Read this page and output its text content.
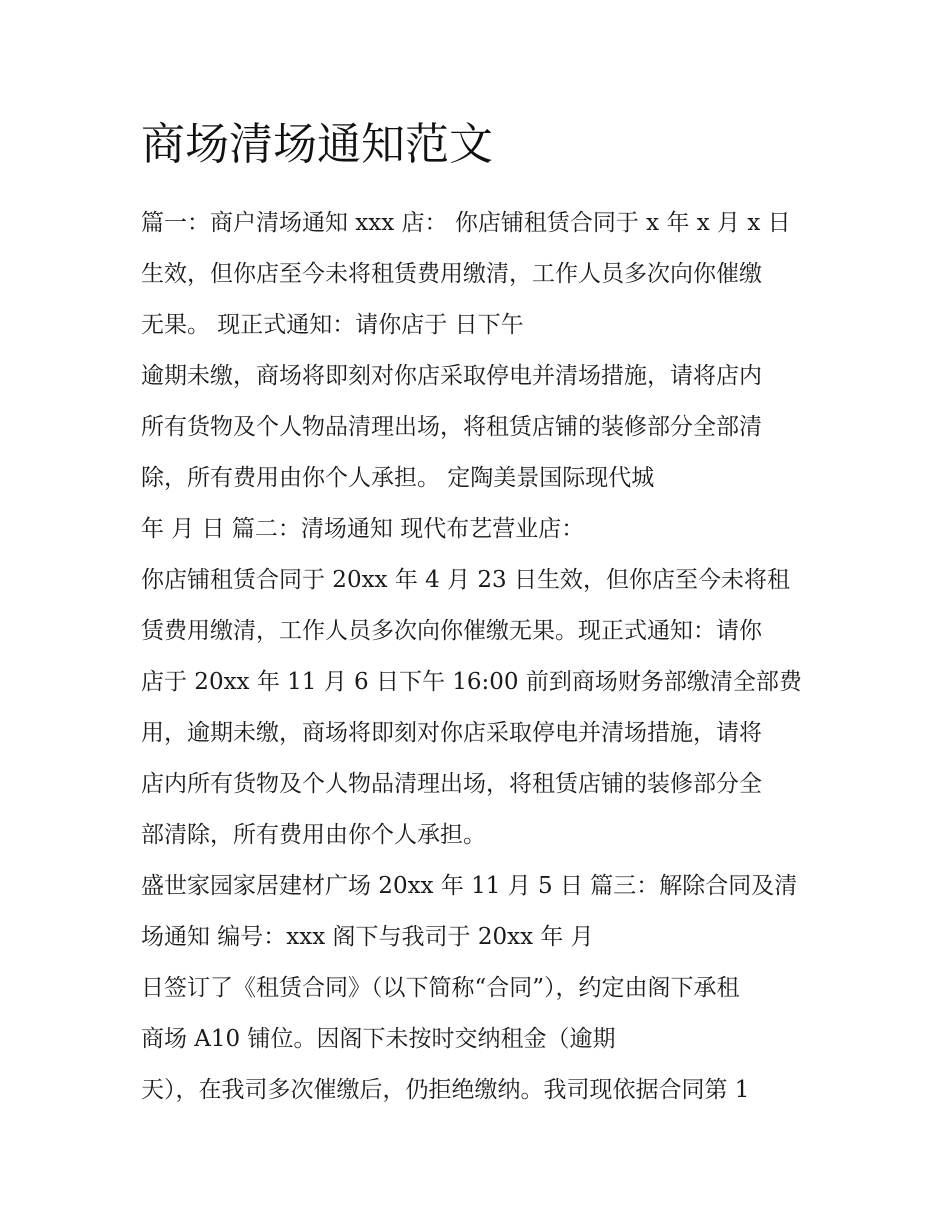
商场清场通知范文

篇一：商户清场通知 xxx 店： 你店铺租赁合同于 x 年 x 月 x 日

生效，但你店至今未将租赁费用缴清，工作人员多次向你催缴

无果。 现正式通知：请你店于 日下午

逾期未缴，商场将即刻对你店采取停电并清场措施，请将店内

所有货物及个人物品清理出场，将租赁店铺的装修部分全部清

除，所有费用由你个人承担。 定陶美景国际现代城

年 月 日 篇二：清场通知 现代布艺营业店：

你店铺租赁合同于 20xx 年 4 月 23 日生效，但你店至今未将租

赁费用缴清，工作人员多次向你催缴无果。现正式通知：请你

店于 20xx 年 11 月 6 日下午 16:00 前到商场财务部缴清全部费

用，逾期未缴，商场将即刻对你店采取停电并清场措施，请将

店内所有货物及个人物品清理出场，将租赁店铺的装修部分全

部清除，所有费用由你个人承担。

盛世家园家居建材广场 20xx 年 11 月 5 日 篇三：解除合同及清

场通知 编号：xxx 阁下与我司于 20xx 年 月

日签订了《租赁合同》（以下简称“合同”），约定由阁下承租

商场 A10 铺位。因阁下未按时交纳租金（逾期

天），在我司多次催缴后，仍拒绝缴纳。我司现依据合同第 1
